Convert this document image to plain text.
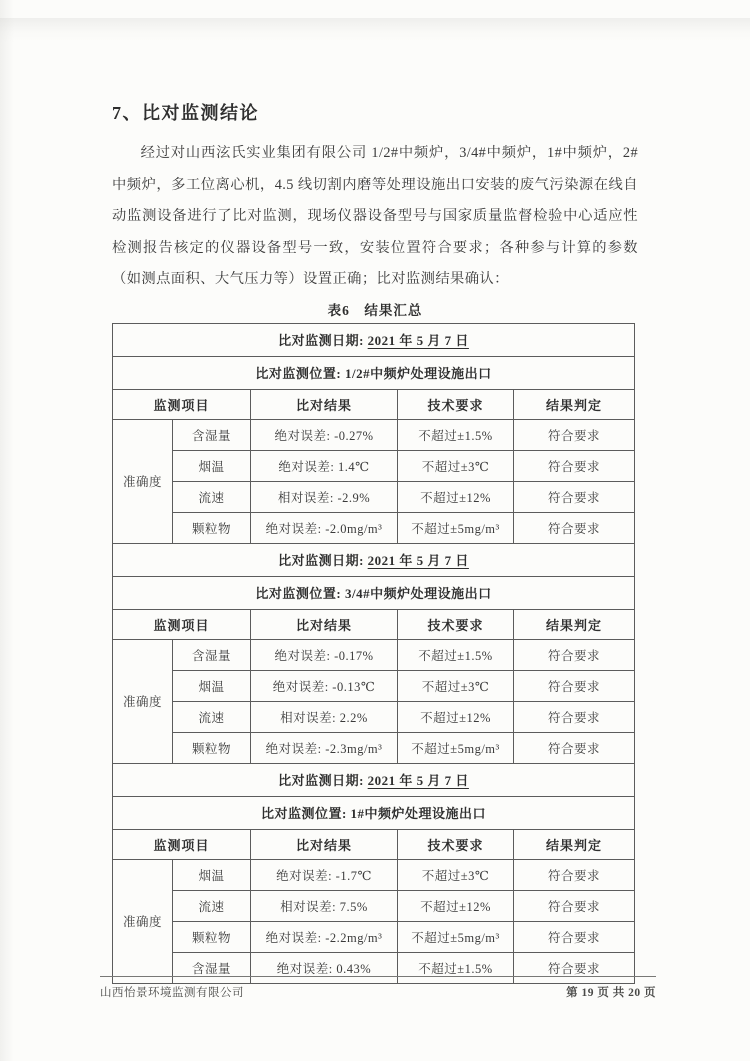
7、比对监测结论

经过对山西泫氏实业集团有限公司 1/2#中频炉，3/4#中频炉，1#中频炉，2#中频炉，多工位离心机，4.5 线切割内磨等处理设施出口安装的废气污染源在线自动监测设备进行了比对监测，现场仪器设备型号与国家质量监督检验中心适应性检测报告核定的仪器设备型号一致，安装位置符合要求；各种参与计算的参数（如测点面积、大气压力等）设置正确；比对监测结果确认：

表6　结果汇总
比对监测日期: 2021 年 5 月 7 日				
比对监测位置: 1/2#中频炉处理设施出口				
监测项目		比对结果	技术要求	结果判定
准确度	含湿量	绝对误差: -0.27%	不超过±1.5%	符合要求
	烟温	绝对误差: 1.4℃	不超过±3℃	符合要求
	流速	相对误差: -2.9%	不超过±12%	符合要求
	颗粒物	绝对误差: -2.0mg/m³	不超过±5mg/m³	符合要求
比对监测日期: 2021 年 5 月 7 日				
比对监测位置: 3/4#中频炉处理设施出口				
监测项目		比对结果	技术要求	结果判定
准确度	含湿量	绝对误差: -0.17%	不超过±1.5%	符合要求
	烟温	绝对误差: -0.13℃	不超过±3℃	符合要求
	流速	相对误差: 2.2%	不超过±12%	符合要求
	颗粒物	绝对误差: -2.3mg/m³	不超过±5mg/m³	符合要求
比对监测日期: 2021 年 5 月 7 日				
比对监测位置: 1#中频炉处理设施出口				
监测项目		比对结果	技术要求	结果判定
准确度	烟温	绝对误差: -1.7℃	不超过±3℃	符合要求
	流速	相对误差: 7.5%	不超过±12%	符合要求
	颗粒物	绝对误差: -2.2mg/m³	不超过±5mg/m³	符合要求
	含湿量	绝对误差: 0.43%	不超过±1.5%	符合要求
山西怡景环境监测有限公司	第 19 页 共 20 页
